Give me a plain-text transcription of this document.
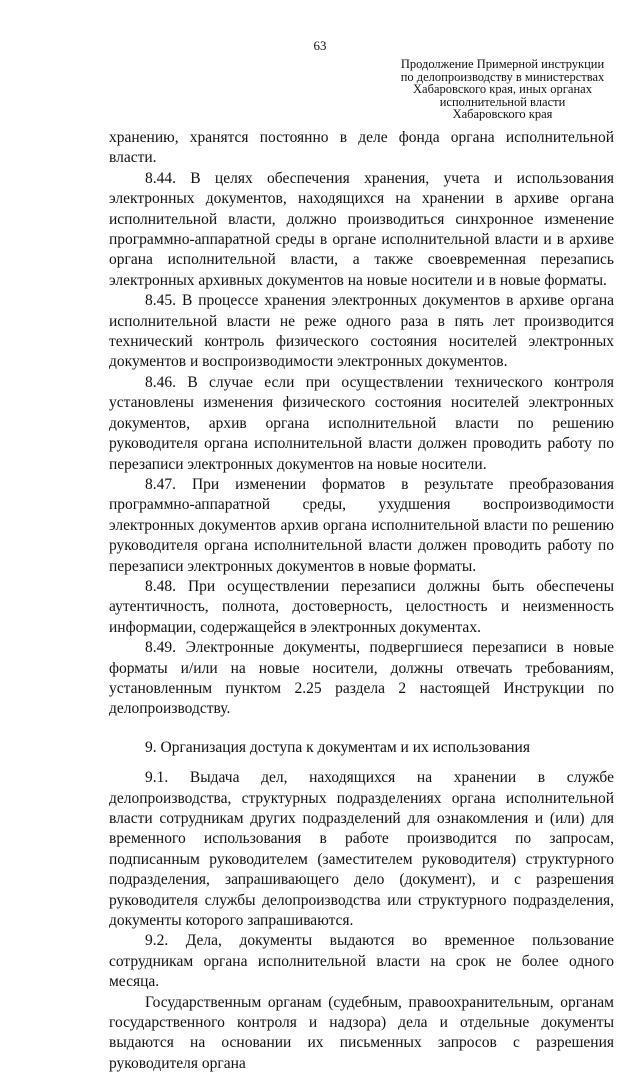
63
Продолжение Примерной инструкции
по делопроизводству в министерствах
Хабаровского края, иных органах
исполнительной власти
Хабаровского края

хранению, хранятся постоянно в деле фонда органа исполнительной власти.

8.44. В целях обеспечения хранения, учета и использования электронных документов, находящихся на хранении в архиве органа исполнительной власти, должно производиться синхронное изменение программно-аппаратной среды в органе исполнительной власти и в архиве органа исполнительной власти, а также своевременная перезапись электронных архивных документов на новые носители и в новые форматы.

8.45. В процессе хранения электронных документов в архиве органа исполнительной власти не реже одного раза в пять лет производится технический контроль физического состояния носителей электронных документов и воспроизводимости электронных документов.

8.46. В случае если при осуществлении технического контроля установлены изменения физического состояния носителей электронных документов, архив органа исполнительной власти по решению руководителя органа исполнительной власти должен проводить работу по перезаписи электронных документов на новые носители.

8.47. При изменении форматов в результате преобразования программно-аппаратной среды, ухудшения воспроизводимости электронных документов архив органа исполнительной власти по решению руководителя органа исполнительной власти должен проводить работу по перезаписи электронных документов в новые форматы.

8.48. При осуществлении перезаписи должны быть обеспечены аутентичность, полнота, достоверность, целостность и неизменность информации, содержащейся в электронных документах.

8.49. Электронные документы, подвергшиеся перезаписи в новые форматы и/или на новые носители, должны отвечать требованиям, установленным пунктом 2.25 раздела 2 настоящей Инструкции по делопроизводству.

9. Организация доступа к документам и их использования

9.1. Выдача дел, находящихся на хранении в службе делопроизводства, структурных подразделениях органа исполнительной власти сотрудникам других подразделений для ознакомления и (или) для временного использования в работе производится по запросам, подписанным руководителем (заместителем руководителя) структурного подразделения, запрашивающего дело (документ), и с разрешения руководителя службы делопроизводства или структурного подразделения, документы которого запрашиваются.

9.2. Дела, документы выдаются во временное пользование сотрудникам органа исполнительной власти на срок не более одного месяца.

Государственным органам (судебным, правоохранительным, органам государственного контроля и надзора) дела и отдельные документы выдаются на основании их письменных запросов с разрешения руководителя органа
